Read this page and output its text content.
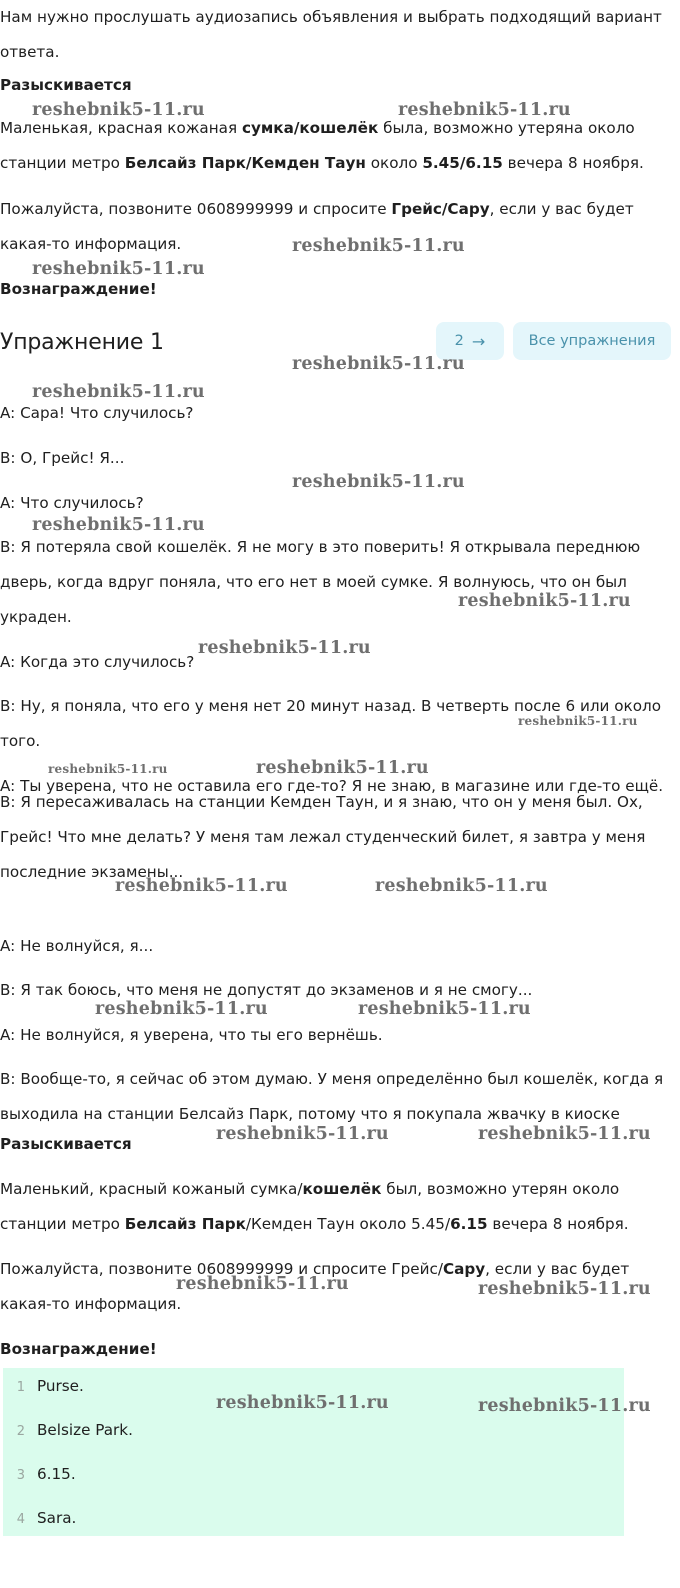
Нам нужно прослушать аудиозапись объявления и выбрать подходящий вариант ответа.
Разыскивается
Маленькая, красная кожаная сумка/кошелёк была, возможно утеряна около станции метро Белсайз Парк/Кемден Таун около 5.45/6.15 вечера 8 ноября.
Пожалуйста, позвоните 0608999999 и спросите Грейс/Сару, если у вас будет какая-то информация.
Вознаграждение!
Упражнение 1	2 →	Все упражнения
A: Сара! Что случилось?
B: О, Грейс! Я...
A: Что случилось?
B: Я потеряла свой кошелёк. Я не могу в это поверить! Я открывала переднюю дверь, когда вдруг поняла, что его нет в моей сумке. Я волнуюсь, что он был украден.
A: Когда это случилось?
B: Ну, я поняла, что его у меня нет 20 минут назад. В четверть после 6 или около того.
A: Ты уверена, что не оставила его где-то? Я не знаю, в магазине или где-то ещё.
B: Я пересаживалась на станции Кемден Таун, и я знаю, что он у меня был. Ох, Грейс! Что мне делать? У меня там лежал студенческий билет, я завтра у меня последние экзамены...
A: Не волнуйся, я...
B: Я так боюсь, что меня не допустят до экзаменов и я не смогу...
A: Не волнуйся, я уверена, что ты его вернёшь.
B: Вообще-то, я сейчас об этом думаю. У меня определённо был кошелёк, когда я выходила на станции Белсайз Парк, потому что я покупала жвачку в киоске
Разыскивается
Маленький, красный кожаный сумка/кошелёк был, возможно утерян около станции метро Белсайз Парк/Кемден Таун около 5.45/6.15 вечера 8 ноября.
Пожалуйста, позвоните 0608999999 и спросите Грейс/Сару, если у вас будет какая-то информация.
Вознаграждение!
1 Purse.
2 Belsize Park.
3 6.15.
4 Sara.
reshebnik5-11.ru	reshebnik5-11.ru
reshebnik5-11.ru
reshebnik5-11.ru
reshebnik5-11.ru
reshebnik5-11.ru
reshebnik5-11.ru
reshebnik5-11.ru
reshebnik5-11.ru
reshebnik5-11.ru
reshebnik5-11.ru
reshebnik5-11.ru	reshebnik5-11.ru
reshebnik5-11.ru	reshebnik5-11.ru
reshebnik5-11.ru	reshebnik5-11.ru
reshebnik5-11.ru	reshebnik5-11.ru
reshebnik5-11.ru	reshebnik5-11.ru
reshebnik5-11.ru	reshebnik5-11.ru
